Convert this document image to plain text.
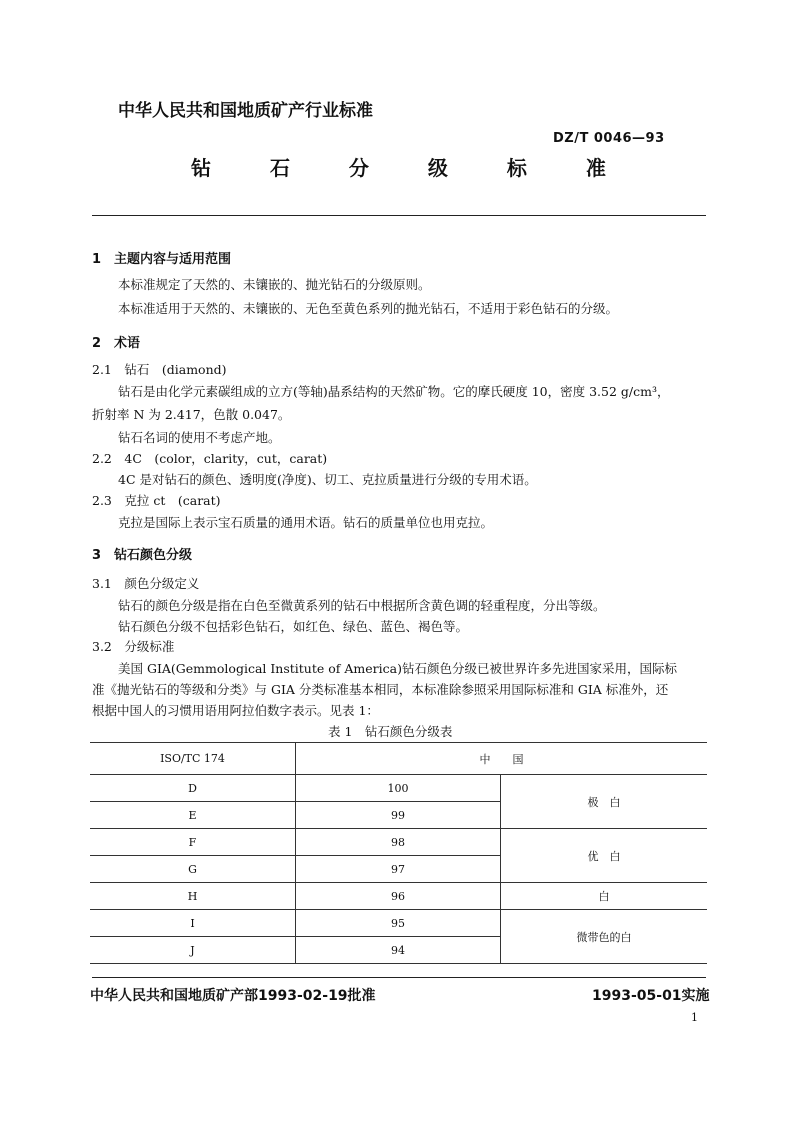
中华人民共和国地质矿产行业标准
DZ/T 0046—93
钻 石 分 级 标 准
1　主题内容与适用范围
本标准规定了天然的、未镶嵌的、抛光钻石的分级原则。
本标准适用于天然的、未镶嵌的、无色至黄色系列的抛光钻石，不适用于彩色钻石的分级。
2　术语
2.1　钻石　(diamond)
钻石是由化学元素碳组成的立方(等轴)晶系结构的天然矿物。它的摩氏硬度 10，密度 3.52 g/cm³，
折射率 N 为 2.417，色散 0.047。
钻石名词的使用不考虑产地。
2.2　4C　(color，clarity，cut，carat)
4C 是对钻石的颜色、透明度(净度)、切工、克拉质量进行分级的专用术语。
2.3　克拉 ct　(carat)
克拉是国际上表示宝石质量的通用术语。钻石的质量单位也用克拉。
3　钻石颜色分级
3.1　颜色分级定义
钻石的颜色分级是指在白色至微黄系列的钻石中根据所含黄色调的轻重程度，分出等级。
钻石颜色分级不包括彩色钻石，如红色、绿色、蓝色、褐色等。
3.2　分级标准
美国 GIA(Gemmological Institute of America)钻石颜色分级已被世界许多先进国家采用，国际标
准《抛光钻石的等级和分类》与 GIA 分类标准基本相同，本标准除参照采用国际标准和 GIA 标准外，还
根据中国人的习惯用语用阿拉伯数字表示。见表 1：
表 1　钻石颜色分级表
ISO/TC 174	中　　国	
D	100	极　白
E	99	
F	98	优　白
G	97	
H	96	白
I	95	微带色的白
J	94	
中华人民共和国地质矿产部1993-02-19批准	1993-05-01实施
1
